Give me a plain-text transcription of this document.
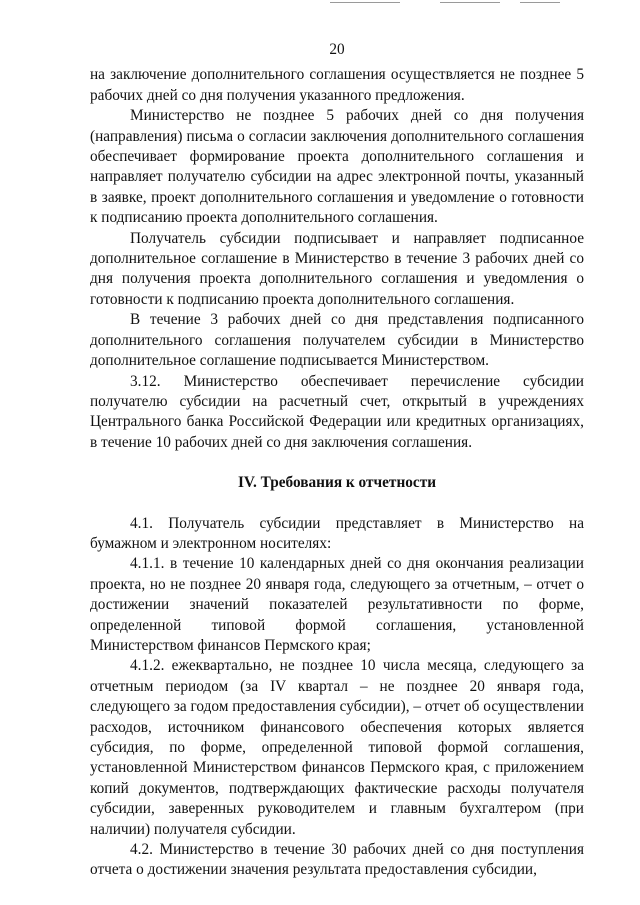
20

на заключение дополнительного соглашения осуществляется не позднее 5 рабочих дней со дня получения указанного предложения.

Министерство не позднее 5 рабочих дней со дня получения (направления) письма о согласии заключения дополнительного соглашения обеспечивает формирование проекта дополнительного соглашения и направляет получателю субсидии на адрес электронной почты, указанный в заявке, проект дополнительного соглашения и уведомление о готовности к подписанию проекта дополнительного соглашения.

Получатель субсидии подписывает и направляет подписанное дополнительное соглашение в Министерство в течение 3 рабочих дней со дня получения проекта дополнительного соглашения и уведомления о готовности к подписанию проекта дополнительного соглашения.

В течение 3 рабочих дней со дня представления подписанного дополнительного соглашения получателем субсидии в Министерство дополнительное соглашение подписывается Министерством.

3.12. Министерство обеспечивает перечисление субсидии получателю субсидии на расчетный счет, открытый в учреждениях Центрального банка Российской Федерации или кредитных организациях, в течение 10 рабочих дней со дня заключения соглашения.

IV. Требования к отчетности

4.1. Получатель субсидии представляет в Министерство на бумажном и электронном носителях:

4.1.1. в течение 10 календарных дней со дня окончания реализации проекта, но не позднее 20 января года, следующего за отчетным, – отчет о достижении значений показателей результативности по форме, определенной типовой формой соглашения, установленной Министерством финансов Пермского края;

4.1.2. ежеквартально, не позднее 10 числа месяца, следующего за отчетным периодом (за IV квартал – не позднее 20 января года, следующего за годом предоставления субсидии), – отчет об осуществлении расходов, источником финансового обеспечения которых является субсидия, по форме, определенной типовой формой соглашения, установленной Министерством финансов Пермского края, с приложением копий документов, подтверждающих фактические расходы получателя субсидии, заверенных руководителем и главным бухгалтером (при наличии) получателя субсидии.

4.2. Министерство в течение 30 рабочих дней со дня поступления отчета о достижении значения результата предоставления субсидии,
